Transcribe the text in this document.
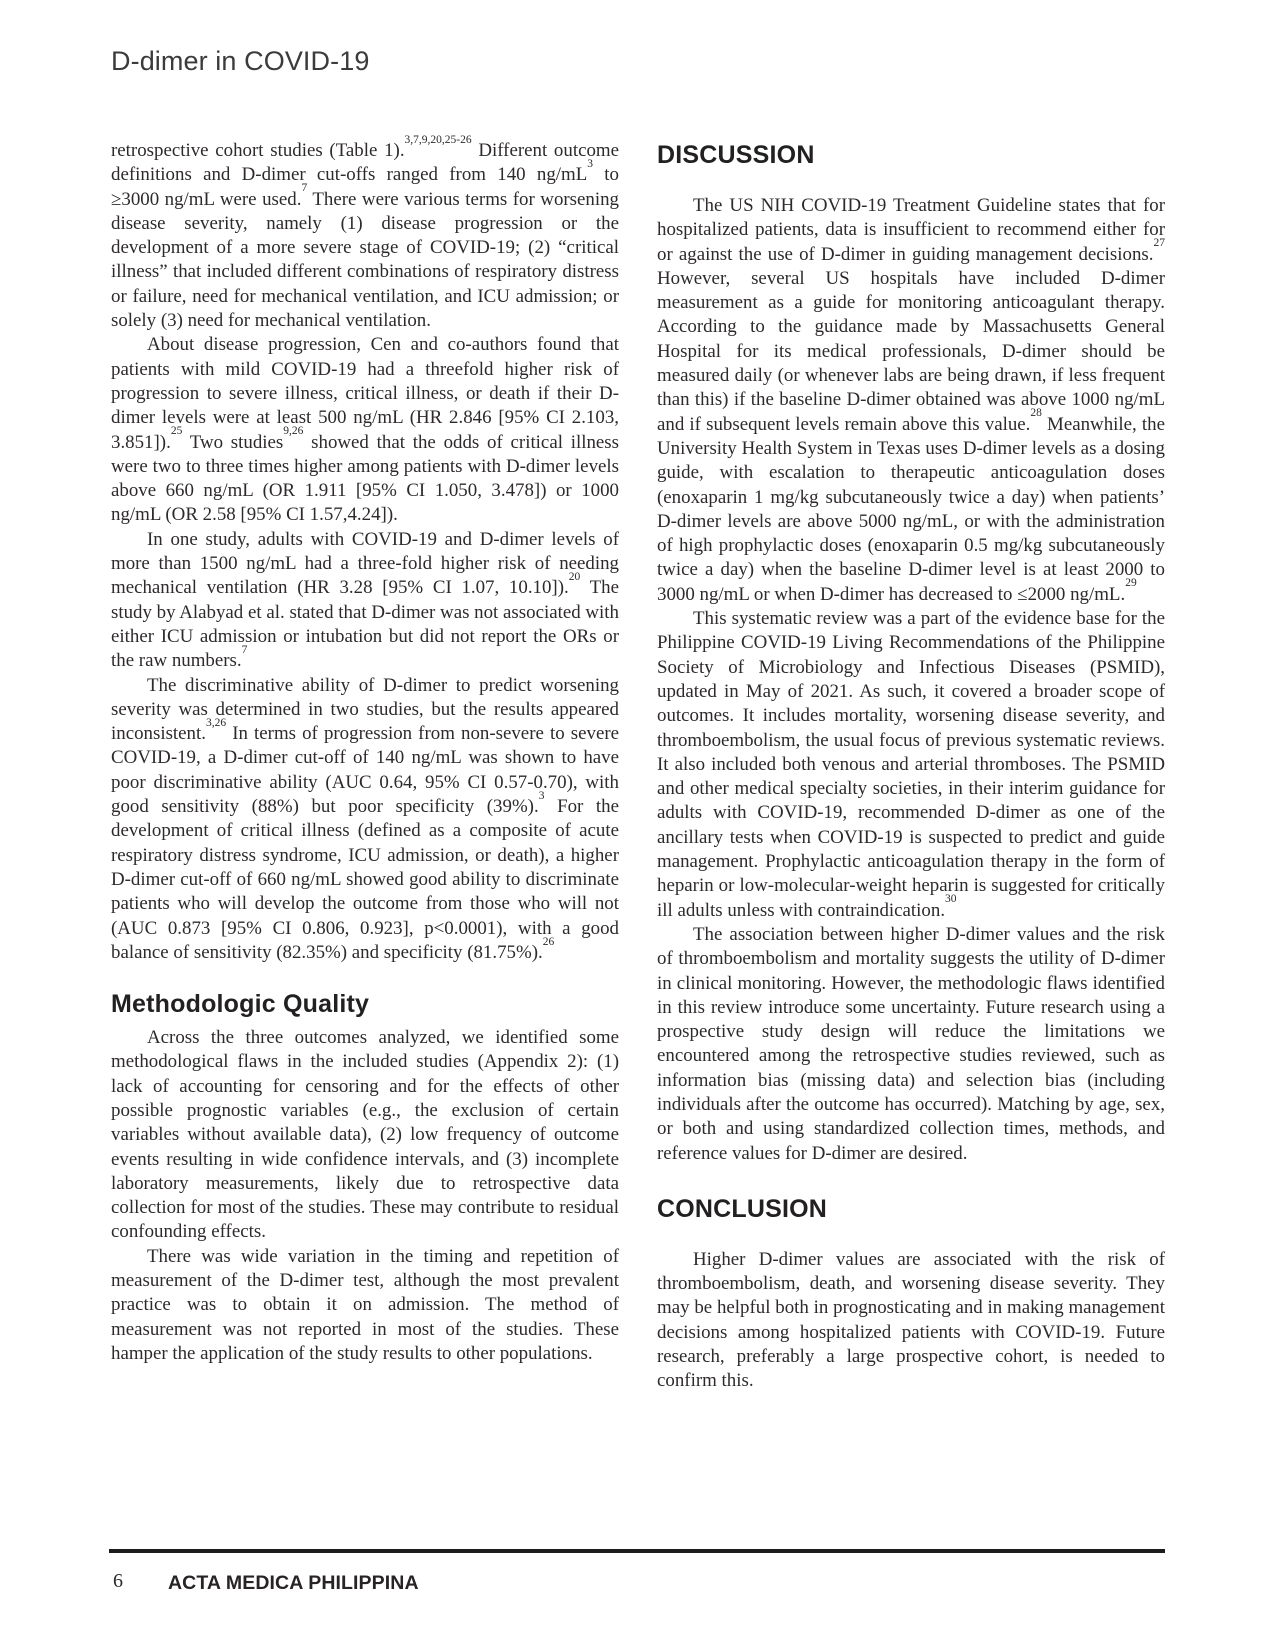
D-dimer in COVID-19

retrospective cohort studies (Table 1).$^{3,7,9,20,25-26}$ Different outcome definitions and D-dimer cut-offs ranged from 140 ng/mL$^3$ to ≥3000 ng/mL were used.$^7$ There were various terms for worsening disease severity, namely (1) disease progression or the development of a more severe stage of COVID-19; (2) “critical illness” that included different combinations of respiratory distress or failure, need for mechanical ventilation, and ICU admission; or solely (3) need for mechanical ventilation.

About disease progression, Cen and co-authors found that patients with mild COVID-19 had a threefold higher risk of progression to severe illness, critical illness, or death if their D-dimer levels were at least 500 ng/mL (HR 2.846 [95% CI 2.103, 3.851]).$^{25}$ Two studies$^{9,26}$ showed that the odds of critical illness were two to three times higher among patients with D-dimer levels above 660 ng/mL (OR 1.911 [95% CI 1.050, 3.478]) or 1000 ng/mL (OR 2.58 [95% CI 1.57,4.24]).

In one study, adults with COVID-19 and D-dimer levels of more than 1500 ng/mL had a three-fold higher risk of needing mechanical ventilation (HR 3.28 [95% CI 1.07, 10.10]).$^{20}$ The study by Alabyad et al. stated that D-dimer was not associated with either ICU admission or intubation but did not report the ORs or the raw numbers.$^7$

The discriminative ability of D-dimer to predict worsening severity was determined in two studies, but the results appeared inconsistent.$^{3,26}$ In terms of progression from non-severe to severe COVID-19, a D-dimer cut-off of 140 ng/mL was shown to have poor discriminative ability (AUC 0.64, 95% CI 0.57-0.70), with good sensitivity (88%) but poor specificity (39%).$^3$ For the development of critical illness (defined as a composite of acute respiratory distress syndrome, ICU admission, or death), a higher D-dimer cut-off of 660 ng/mL showed good ability to discriminate patients who will develop the outcome from those who will not (AUC 0.873 [95% CI 0.806, 0.923], p<0.0001), with a good balance of sensitivity (82.35%) and specificity (81.75%).$^{26}$

Methodologic Quality

Across the three outcomes analyzed, we identified some methodological flaws in the included studies (Appendix 2): (1) lack of accounting for censoring and for the effects of other possible prognostic variables (e.g., the exclusion of certain variables without available data), (2) low frequency of outcome events resulting in wide confidence intervals, and (3) incomplete laboratory measurements, likely due to retrospective data collection for most of the studies. These may contribute to residual confounding effects.

There was wide variation in the timing and repetition of measurement of the D-dimer test, although the most prevalent practice was to obtain it on admission. The method of measurement was not reported in most of the studies. These hamper the application of the study results to other populations.

DISCUSSION

The US NIH COVID-19 Treatment Guideline states that for hospitalized patients, data is insufficient to recommend either for or against the use of D-dimer in guiding management decisions.$^{27}$ However, several US hospitals have included D-dimer measurement as a guide for monitoring anticoagulant therapy. According to the guidance made by Massachusetts General Hospital for its medical professionals, D-dimer should be measured daily (or whenever labs are being drawn, if less frequent than this) if the baseline D-dimer obtained was above 1000 ng/mL and if subsequent levels remain above this value.$^{28}$ Meanwhile, the University Health System in Texas uses D-dimer levels as a dosing guide, with escalation to therapeutic anticoagulation doses (enoxaparin 1 mg/kg subcutaneously twice a day) when patients’ D-dimer levels are above 5000 ng/mL, or with the administration of high prophylactic doses (enoxaparin 0.5 mg/kg subcutaneously twice a day) when the baseline D-dimer level is at least 2000 to 3000 ng/mL or when D-dimer has decreased to ≤2000 ng/mL.$^{29}$

This systematic review was a part of the evidence base for the Philippine COVID-19 Living Recommendations of the Philippine Society of Microbiology and Infectious Diseases (PSMID), updated in May of 2021. As such, it covered a broader scope of outcomes. It includes mortality, worsening disease severity, and thromboembolism, the usual focus of previous systematic reviews. It also included both venous and arterial thromboses. The PSMID and other medical specialty societies, in their interim guidance for adults with COVID-19, recommended D-dimer as one of the ancillary tests when COVID-19 is suspected to predict and guide management. Prophylactic anticoagulation therapy in the form of heparin or low-molecular-weight heparin is suggested for critically ill adults unless with contraindication.$^{30}$

The association between higher D-dimer values and the risk of thromboembolism and mortality suggests the utility of D-dimer in clinical monitoring. However, the methodologic flaws identified in this review introduce some uncertainty. Future research using a prospective study design will reduce the limitations we encountered among the retrospective studies reviewed, such as information bias (missing data) and selection bias (including individuals after the outcome has occurred). Matching by age, sex, or both and using standardized collection times, methods, and reference values for D-dimer are desired.

CONCLUSION

Higher D-dimer values are associated with the risk of thromboembolism, death, and worsening disease severity. They may be helpful both in prognosticating and in making management decisions among hospitalized patients with COVID-19. Future research, preferably a large prospective cohort, is needed to confirm this.

6 ACTA MEDICA PHILIPPINA
